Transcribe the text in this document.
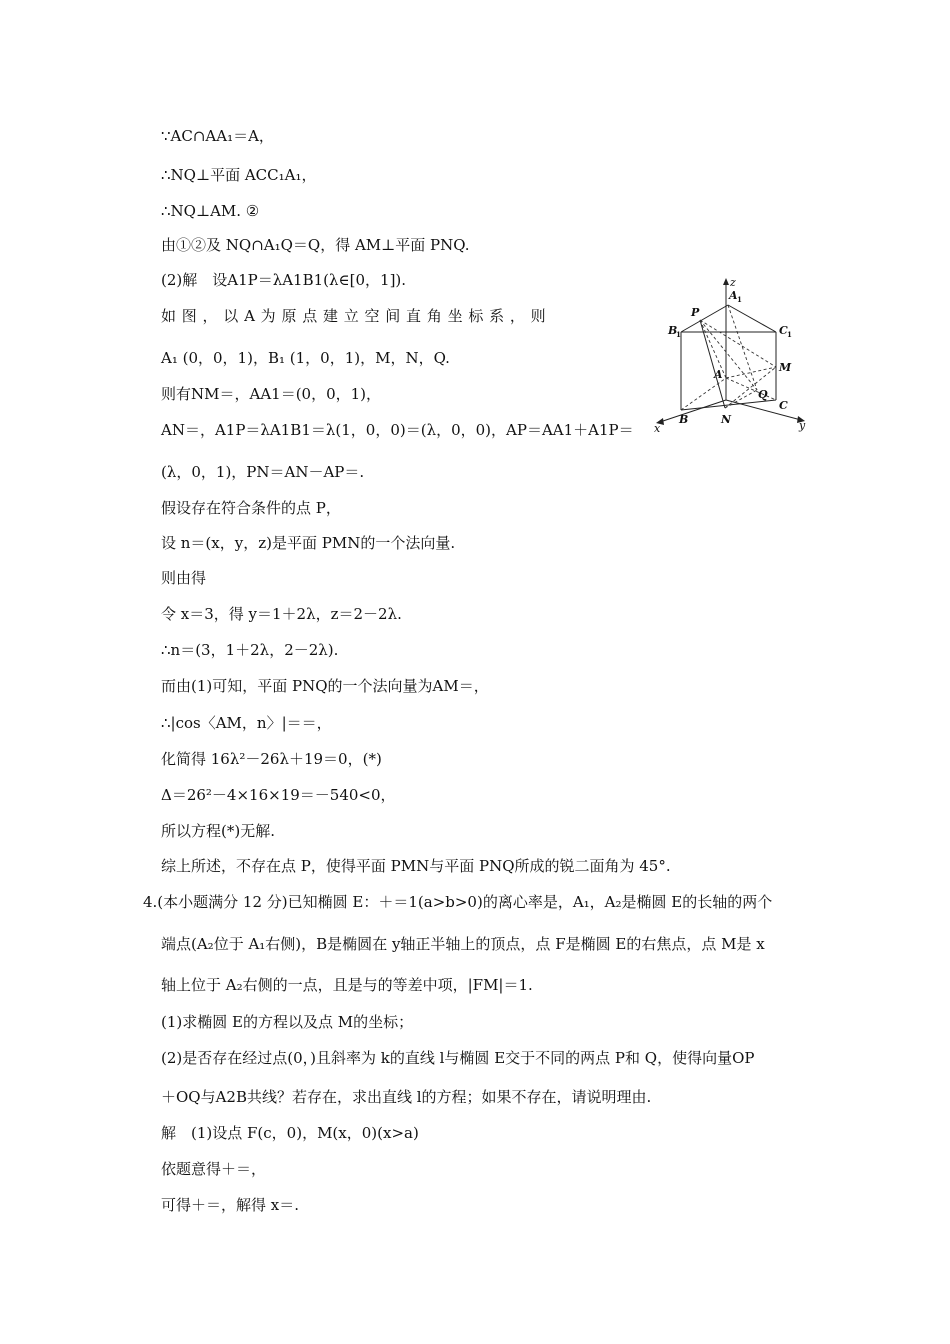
∵AC∩AA₁＝A，
∴NQ⊥平面 ACC₁A₁，
∴NQ⊥AM. ②
由①②及 NQ∩A₁Q＝Q，得 AM⊥平面 PNQ.
(2)解　设A1P＝λA1B1(λ∈[0，1]).
如 图 ， 以 A 为 原 点 建 立 空 间 直 角 坐 标 系 ， 则
A₁ (0，0，1)，B₁ (1，0，1)，M，N，Q.
则有NM＝，AA1＝(0，0，1)，
AN＝，A1P＝λA1B1＝λ(1，0，0)＝(λ，0，0)，AP＝AA1＋A1P＝
(λ，0，1)，PN＝AN－AP＝.
假设存在符合条件的点 P，
设 n＝(x，y，z)是平面 PMN的一个法向量.
则由得
令 x＝3，得 y＝1＋2λ，z＝2－2λ.
∴n＝(3，1＋2λ，2－2λ).
而由(1)可知，平面 PNQ的一个法向量为AM＝，
∴|cos〈AM，n〉|＝＝，
化简得 16λ²－26λ＋19＝0，(*)
Δ＝26²－4×16×19＝－540<0，
所以方程(*)无解.
综上所述，不存在点 P，使得平面 PMN与平面 PNQ所成的锐二面角为 45°.
4.(本小题满分 12 分)已知椭圆 E：＋＝1(a>b>0)的离心率是，A₁，A₂是椭圆 E的长轴的两个
端点(A₂位于 A₁右侧)，B是椭圆在 y轴正半轴上的顶点，点 F是椭圆 E的右焦点，点 M是 x
轴上位于 A₂右侧的一点，且是与的等差中项，|FM|＝1.
(1)求椭圆 E的方程以及点 M的坐标；
(2)是否存在经过点(0，)且斜率为 k的直线 l与椭圆 E交于不同的两点 P和 Q，使得向量OP
＋OQ与A2B共线？若存在，求出直线 l的方程；如果不存在，请说明理由.
解　(1)设点 F(c，0)，M(x，0)(x>a)
依题意得＋＝，
可得＋＝，解得 x＝.
z
A 1
P
B
1	C 1
M
A
Q
C
x
B	N	y
